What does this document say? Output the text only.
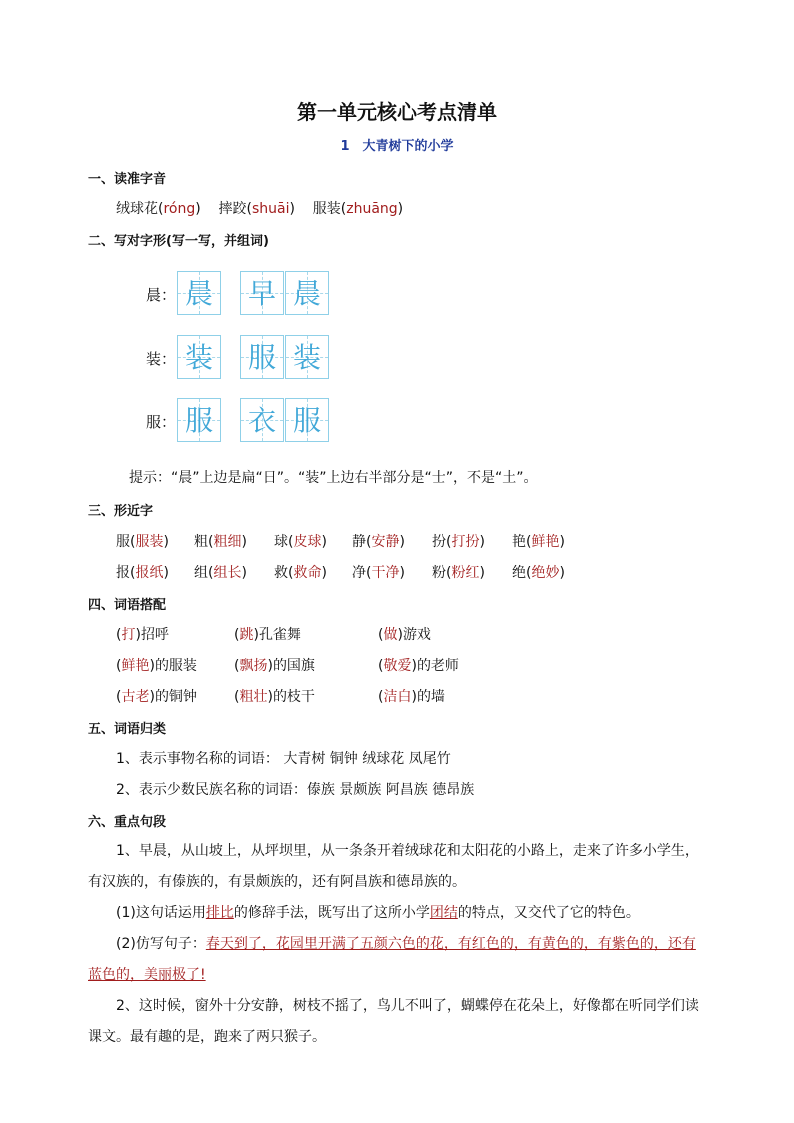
第一单元核心考点清单
1　大青树下的小学
一、读准字音
绒球花(róng)    摔跤(shuāi)    服装(zhuāng)
二、写对字形(写一写，并组词)
晨： 晨 早 晨
装： 装 服 装
服： 服 衣 服
提示：“晨”上边是扁“日”。“装”上边右半部分是“士”，不是“土”。
三、形近字
服(服装) 粗(粗细) 球(皮球) 静(安静) 扮(打扮) 艳(鲜艳)
报(报纸) 组(组长) 救(救命) 净(干净) 粉(粉红) 绝(绝妙)
四、词语搭配
(打)招呼	(跳)孔雀舞	(做)游戏
(鲜艳)的服装	(飘扬)的国旗	(敬爱)的老师
(古老)的铜钟	(粗壮)的枝干	(洁白)的墙
五、词语归类
1、表示事物名称的词语： 大青树 铜钟 绒球花 凤尾竹
2、表示少数民族名称的词语：傣族 景颇族 阿昌族 德昂族
六、重点句段
1、早晨，从山坡上，从坪坝里，从一条条开着绒球花和太阳花的小路上，走来了许多小学生，有汉族的，有傣族的，有景颇族的，还有阿昌族和德昂族的。
(1)这句话运用排比的修辞手法，既写出了这所小学团结的特点，又交代了它的特色。
(2)仿写句子：春天到了，花园里开满了五颜六色的花，有红色的，有黄色的，有紫色的，还有蓝色的，美丽极了!
2、这时候，窗外十分安静，树枝不摇了，鸟儿不叫了，蝴蝶停在花朵上，好像都在听同学们读课文。最有趣的是，跑来了两只猴子。
